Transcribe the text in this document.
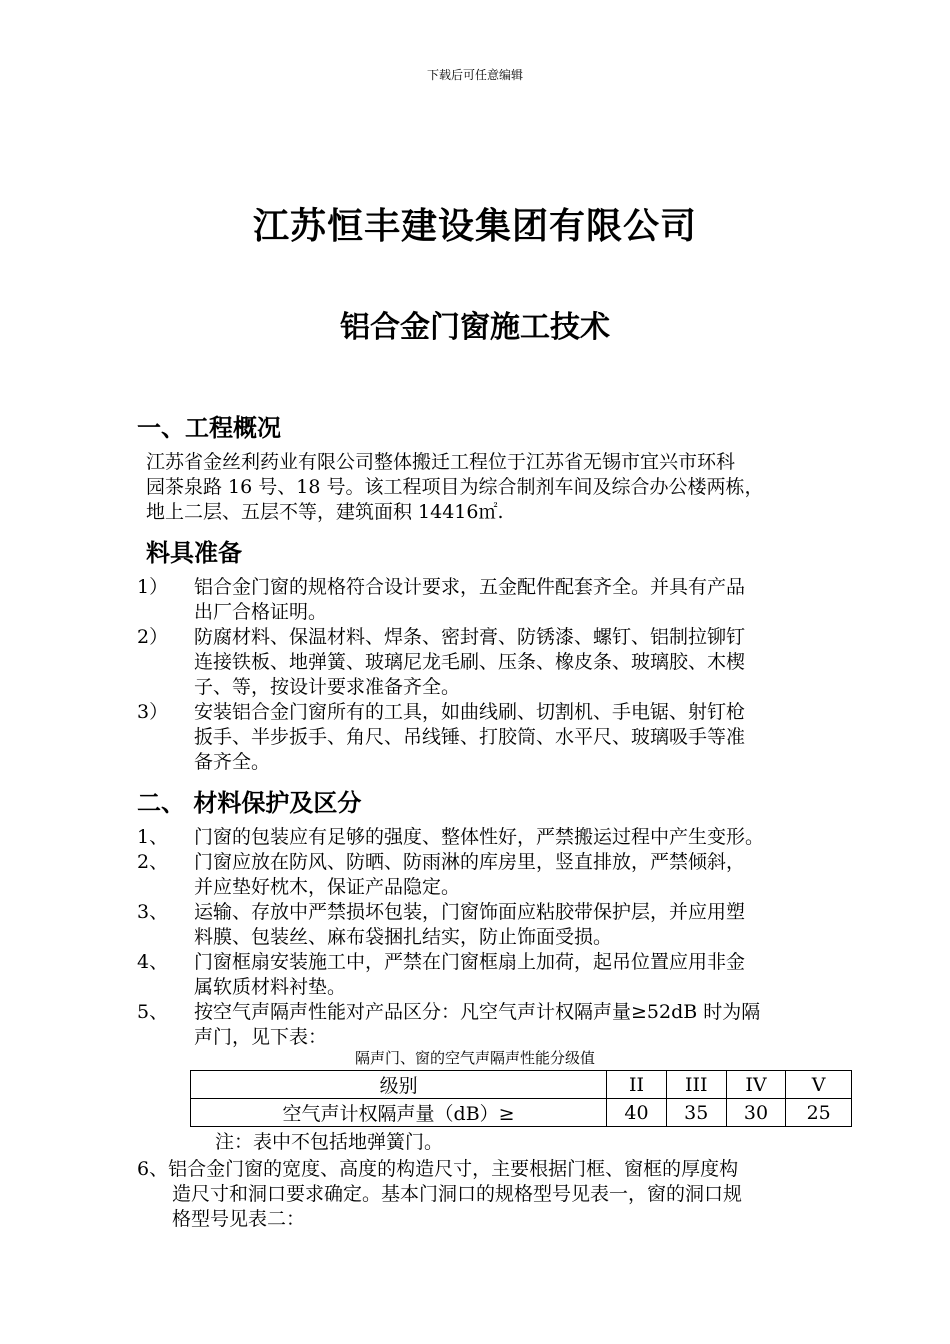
下载后可任意编辑
江苏恒丰建设集团有限公司
铝合金门窗施工技术
一、工程概况
江苏省金丝利药业有限公司整体搬迁工程位于江苏省无锡市宜兴市环科
园茶泉路 16 号、18 号。该工程项目为综合制剂车间及综合办公楼两栋，
地上二层、五层不等，建筑面积 14416㎡.
料具准备
1） 铝合金门窗的规格符合设计要求，五金配件配套齐全。并具有产品
出厂合格证明。
2） 防腐材料、保温材料、焊条、密封膏、防锈漆、螺钉、铝制拉铆钉
连接铁板、地弹簧、玻璃尼龙毛刷、压条、橡皮条、玻璃胶、木楔
子、等，按设计要求准备齐全。
3） 安装铝合金门窗所有的工具，如曲线刷、切割机、手电锯、射钉枪
扳手、半步扳手、角尺、吊线锤、打胶筒、水平尺、玻璃吸手等准
备齐全。
二、 材料保护及区分
1、 门窗的包装应有足够的强度、整体性好，严禁搬运过程中产生变形。
2、 门窗应放在防风、防晒、防雨淋的库房里，竖直排放，严禁倾斜，
并应垫好枕木，保证产品隐定。
3、 运输、存放中严禁损坏包装，门窗饰面应粘胶带保护层，并应用塑
料膜、包装丝、麻布袋捆扎结实，防止饰面受损。
4、 门窗框扇安装施工中，严禁在门窗框扇上加荷，起吊位置应用非金
属软质材料衬垫。
5、 按空气声隔声性能对产品区分：凡空气声计权隔声量≥52dB 时为隔
声门，见下表：
隔声门、窗的空气声隔声性能分级值
级别	II	III	IV	V
空气声计权隔声量（dB）≥	40	35	30	25
注：表中不包括地弹簧门。
6、铝合金门窗的宽度、高度的构造尺寸，主要根据门框、窗框的厚度构
造尺寸和洞口要求确定。基本门洞口的规格型号见表一，窗的洞口规
格型号见表二：
